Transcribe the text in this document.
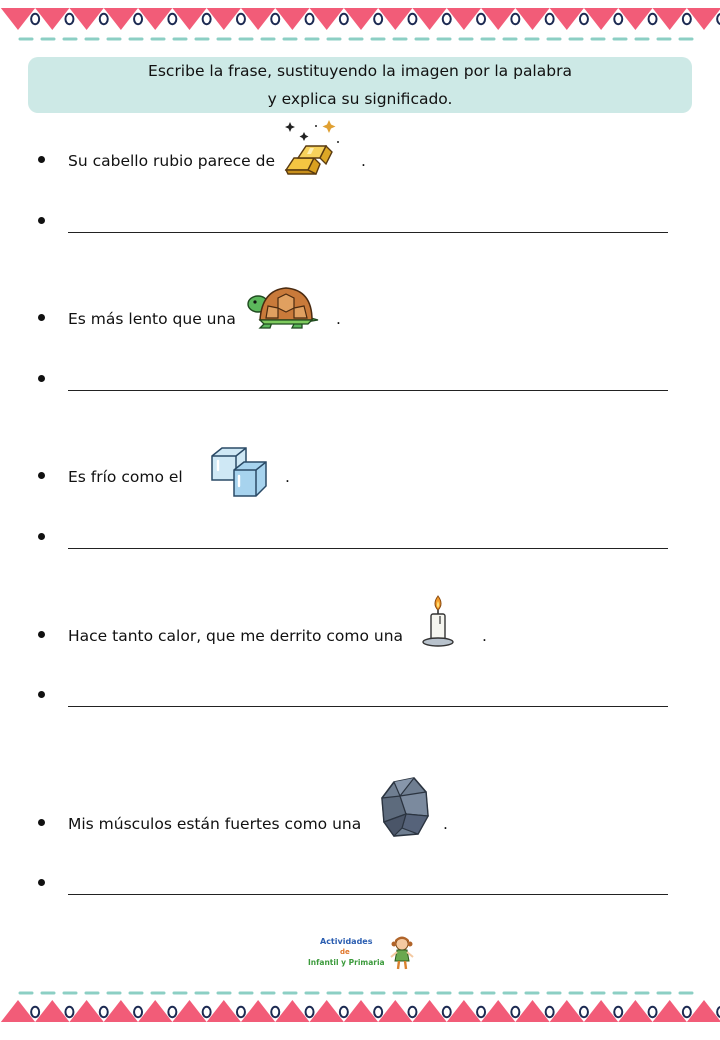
Escribe la frase, sustituyendo la imagen por la palabra
y explica su significado.
Su cabello rubio parece de	.
Es más lento que una	.
Es frío como el	.
Hace tanto calor, que me derrito como una	.
Mis músculos están fuertes como una	.
Actividades
de
Infantil y Primaria
